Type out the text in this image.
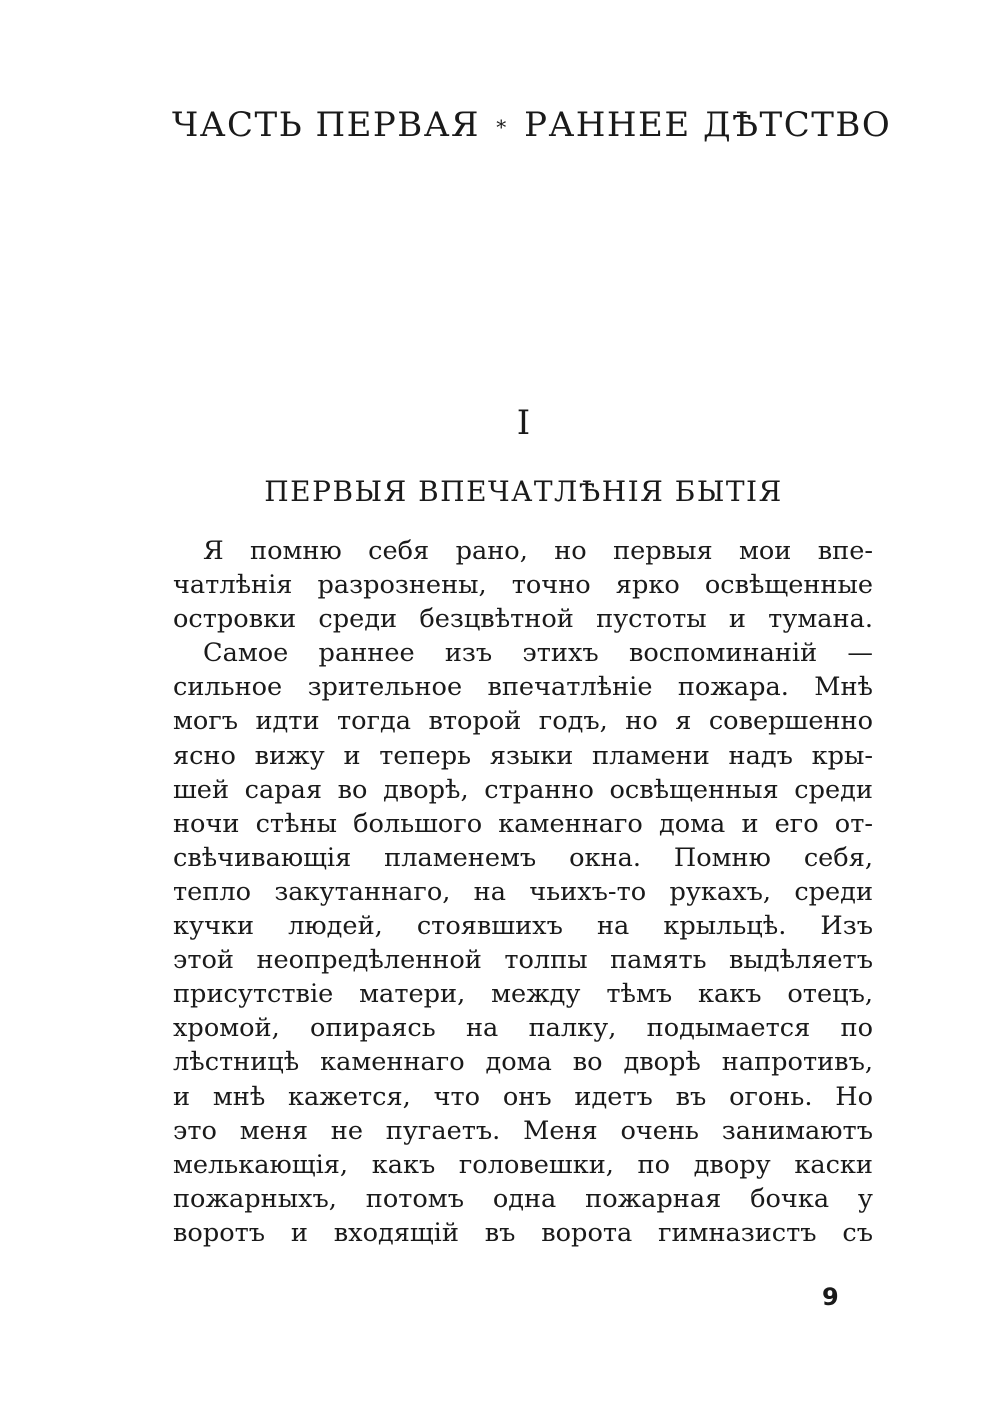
ЧАСТЬ ПЕРВАЯ * РАННЕЕ ДѢТСТВО
I
ПЕРВЫЯ ВПЕЧАТЛѢНІЯ БЫТІЯ
Я помню себя рано, но первыя мои впе-
чатлѣнія разрознены, точно ярко освѣщенные
островки среди безцвѣтной пустоты и тумана.
Самое раннее изъ этихъ воспоминаній —
сильное зрительное впечатлѣніе пожара. Мнѣ
могъ идти тогда второй годъ, но я совершенно
ясно вижу и теперь языки пламени надъ кры-
шей сарая во дворѣ, странно освѣщенныя среди
ночи стѣны большого каменнаго дома и его от-
свѣчивающія пламенемъ окна. Помню себя,
тепло закутаннаго, на чьихъ-то рукахъ, среди
кучки людей, стоявшихъ на крыльцѣ. Изъ
этой неопредѣленной толпы память выдѣляетъ
присутствіе матери, между тѣмъ какъ отецъ,
хромой, опираясь на палку, подымается по
лѣстницѣ каменнаго дома во дворѣ напротивъ,
и мнѣ кажется, что онъ идетъ въ огонь. Но
это меня не пугаетъ. Меня очень занимаютъ
мелькающія, какъ головешки, по двору каски
пожарныхъ, потомъ одна пожарная бочка у
воротъ и входящій въ ворота гимназистъ съ
9
